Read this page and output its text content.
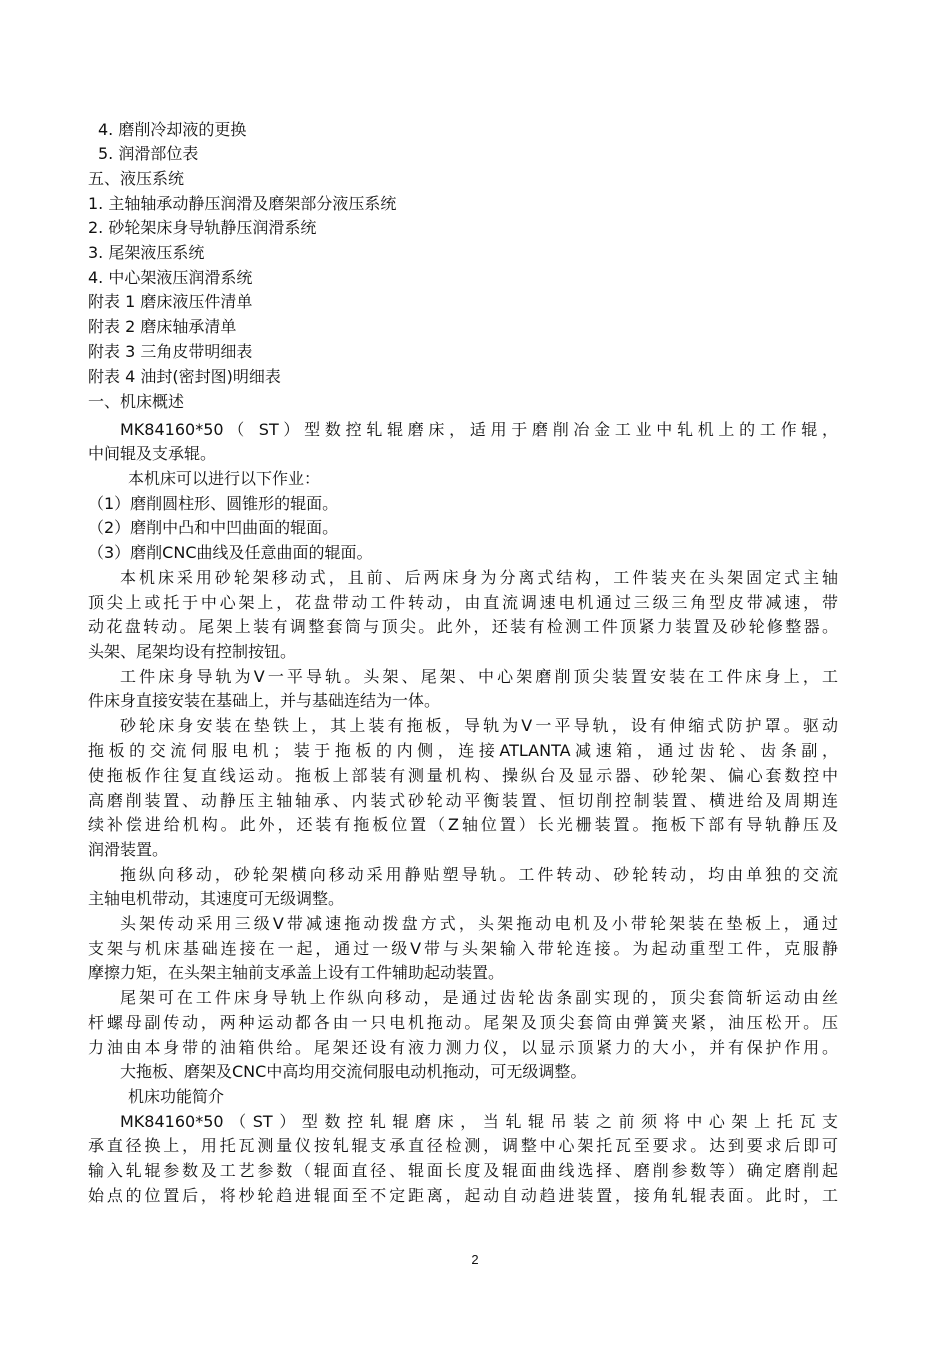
4. 磨削冷却液的更换
5. 润滑部位表
五、液压系统
1. 主轴轴承动静压润滑及磨架部分液压系统
2. 砂轮架床身导轨静压润滑系统
3. 尾架液压系统
4. 中心架液压润滑系统
附表 1 磨床液压件清单
附表 2 磨床轴承清单
附表 3 三角皮带明细表
附表 4 油封(密封图)明细表
一、机床概述
MK84160*50（ ST）型数控轧辊磨床，适用于磨削冶金工业中轧机上的工作辊，
中间辊及支承辊。
本机床可以进行以下作业：
（1）磨削圆柱形、圆锥形的辊面。
（2）磨削中凸和中凹曲面的辊面。
（3）磨削CNC曲线及任意曲面的辊面。
本机床采用砂轮架移动式，且前、后两床身为分离式结构，工件装夹在头架固定式主轴
顶尖上或托于中心架上，花盘带动工件转动，由直流调速电机通过三级三角型皮带减速，带
动花盘转动。尾架上装有调整套筒与顶尖。此外，还装有检测工件顶紧力装置及砂轮修整器。
头架、尾架均设有控制按钮。
工件床身导轨为V一平导轨。头架、尾架、中心架磨削顶尖装置安装在工件床身上，工
件床身直接安装在基础上，并与基础连结为一体。
砂轮床身安装在垫铁上，其上装有拖板，导轨为V一平导轨，设有伸缩式防护罩。驱动
拖板的交流伺服电机；装于拖板的内侧，连接ATLANTA减速箱，通过齿轮、齿条副，
使拖板作往复直线运动。拖板上部装有测量机构、操纵台及显示器、砂轮架、偏心套数控中
高磨削装置、动静压主轴轴承、内装式砂轮动平衡装置、恒切削控制装置、横进给及周期连
续补偿进给机构。此外，还装有拖板位置（Z轴位置）长光栅装置。拖板下部有导轨静压及
润滑装置。
拖纵向移动，砂轮架横向移动采用静贴塑导轨。工件转动、砂轮转动，均由单独的交流
主轴电机带动，其速度可无级调整。
头架传动采用三级V带减速拖动拨盘方式，头架拖动电机及小带轮架装在垫板上，通过
支架与机床基础连接在一起，通过一级V带与头架输入带轮连接。为起动重型工件，克服静
摩擦力矩，在头架主轴前支承盖上设有工件辅助起动装置。
尾架可在工件床身导轨上作纵向移动，是通过齿轮齿条副实现的，顶尖套筒斩运动由丝
杆螺母副传动，两种运动都各由一只电机拖动。尾架及顶尖套筒由弹簧夹紧，油压松开。压
力油由本身带的油箱供给。尾架还设有液力测力仪，以显示顶紧力的大小，并有保护作用。
大拖板、磨架及CNC中高均用交流伺服电动机拖动，可无级调整。
机床功能简介
MK84160*50（ST）型数控轧辊磨床，当轧辊吊装之前须将中心架上托瓦支
承直径换上，用托瓦测量仪按轧辊支承直径检测，调整中心架托瓦至要求。达到要求后即可
输入轧辊参数及工艺参数（辊面直径、辊面长度及辊面曲线选择、磨削参数等）确定磨削起
始点的位置后，将杪轮趋进辊面至不定距离，起动自动趋进装置，接角轧辊表面。此时，工
2
